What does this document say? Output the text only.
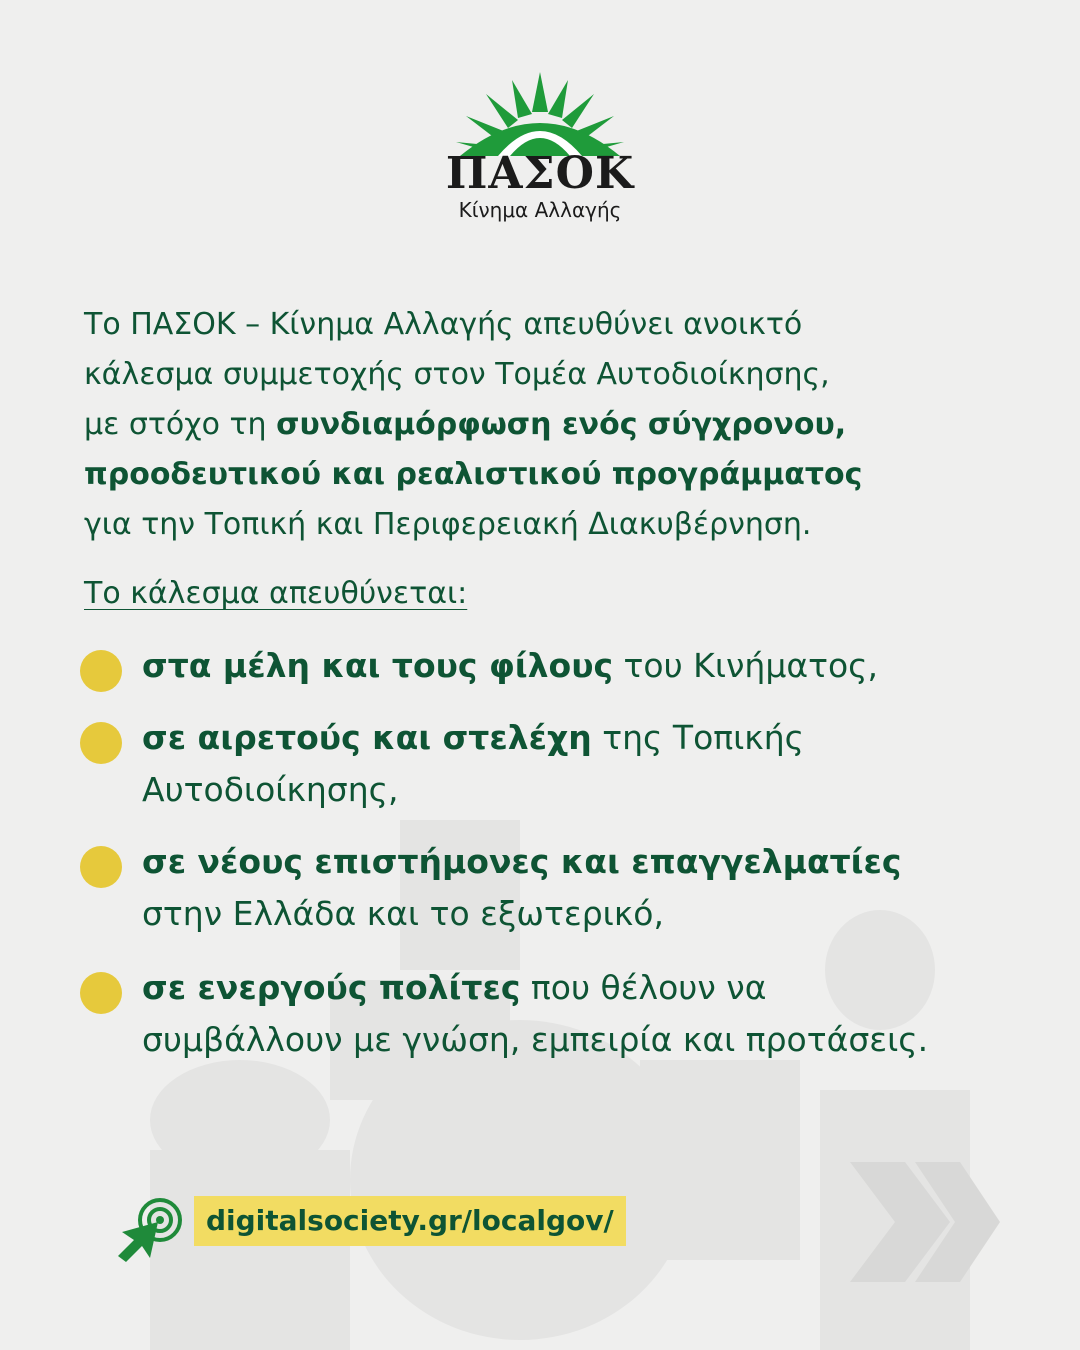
ΠΑΣΟΚ
Κίνημα Αλλαγής
Το ΠΑΣΟΚ – Κίνημα Αλλαγής απευθύνει ανοικτό
κάλεσμα συμμετοχής στον Τομέα Αυτοδιοίκησης,
με στόχο τη συνδιαμόρφωση ενός σύγχρονου,
προοδευτικού και ρεαλιστικού προγράμματος
για την Τοπική και Περιφερειακή Διακυβέρνηση.
Το κάλεσμα απευθύνεται:
στα μέλη και τους φίλους του Κινήματος,
σε αιρετούς και στελέχη της Τοπικής
Αυτοδιοίκησης,
σε νέους επιστήμονες και επαγγελματίες
στην Ελλάδα και το εξωτερικό,
σε ενεργούς πολίτες που θέλουν να
συμβάλλουν με γνώση, εμπειρία και προτάσεις.
digitalsociety.gr/localgov/
